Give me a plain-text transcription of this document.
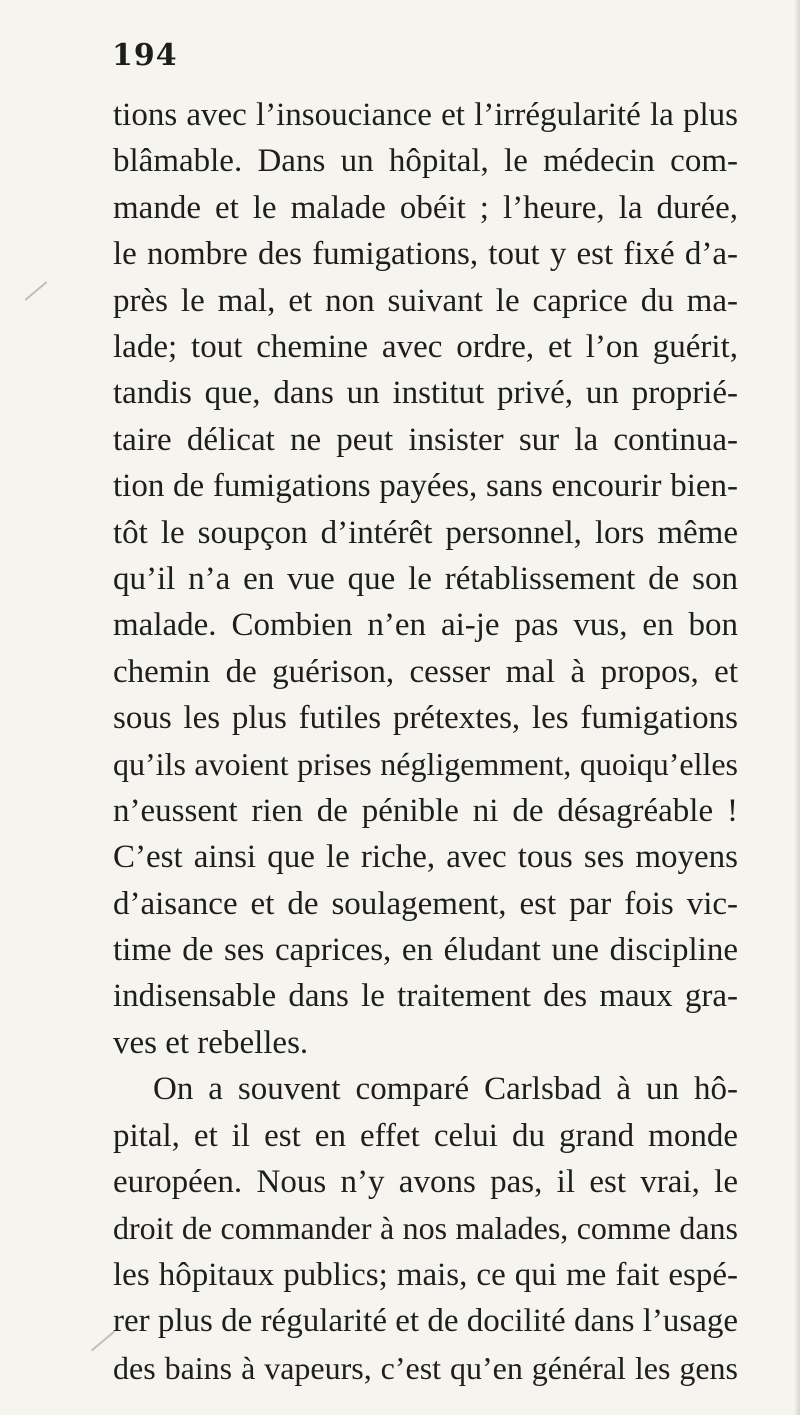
194
tions avec l’insouciance et l’irrégularité la plus
blâmable. Dans un hôpital, le médecin com-
mande et le malade obéit ; l’heure, la durée,
le nombre des fumigations, tout y est fixé d’a-
près le mal, et non suivant le caprice du ma-
lade; tout chemine avec ordre, et l’on guérit,
tandis que, dans un institut privé, un proprié-
taire délicat ne peut insister sur la continua-
tion de fumigations payées, sans encourir bien-
tôt le soupçon d’intérêt personnel, lors même
qu’il n’a en vue que le rétablissement de son
malade. Combien n’en ai-je pas vus, en bon
chemin de guérison, cesser mal à propos, et
sous les plus futiles prétextes, les fumigations
qu’ils avoient prises négligemment, quoiqu’elles
n’eussent rien de pénible ni de désagréable !
C’est ainsi que le riche, avec tous ses moyens
d’aisance et de soulagement, est par fois vic-
time de ses caprices, en éludant une discipline
indisensable dans le traitement des maux gra-
ves et rebelles.
On a souvent comparé Carlsbad à un hô-
pital, et il est en effet celui du grand monde
européen. Nous n’y avons pas, il est vrai, le
droit de commander à nos malades, comme dans
les hôpitaux publics; mais, ce qui me fait espé-
rer plus de régularité et de docilité dans l’usage
des bains à vapeurs, c’est qu’en général les gens
